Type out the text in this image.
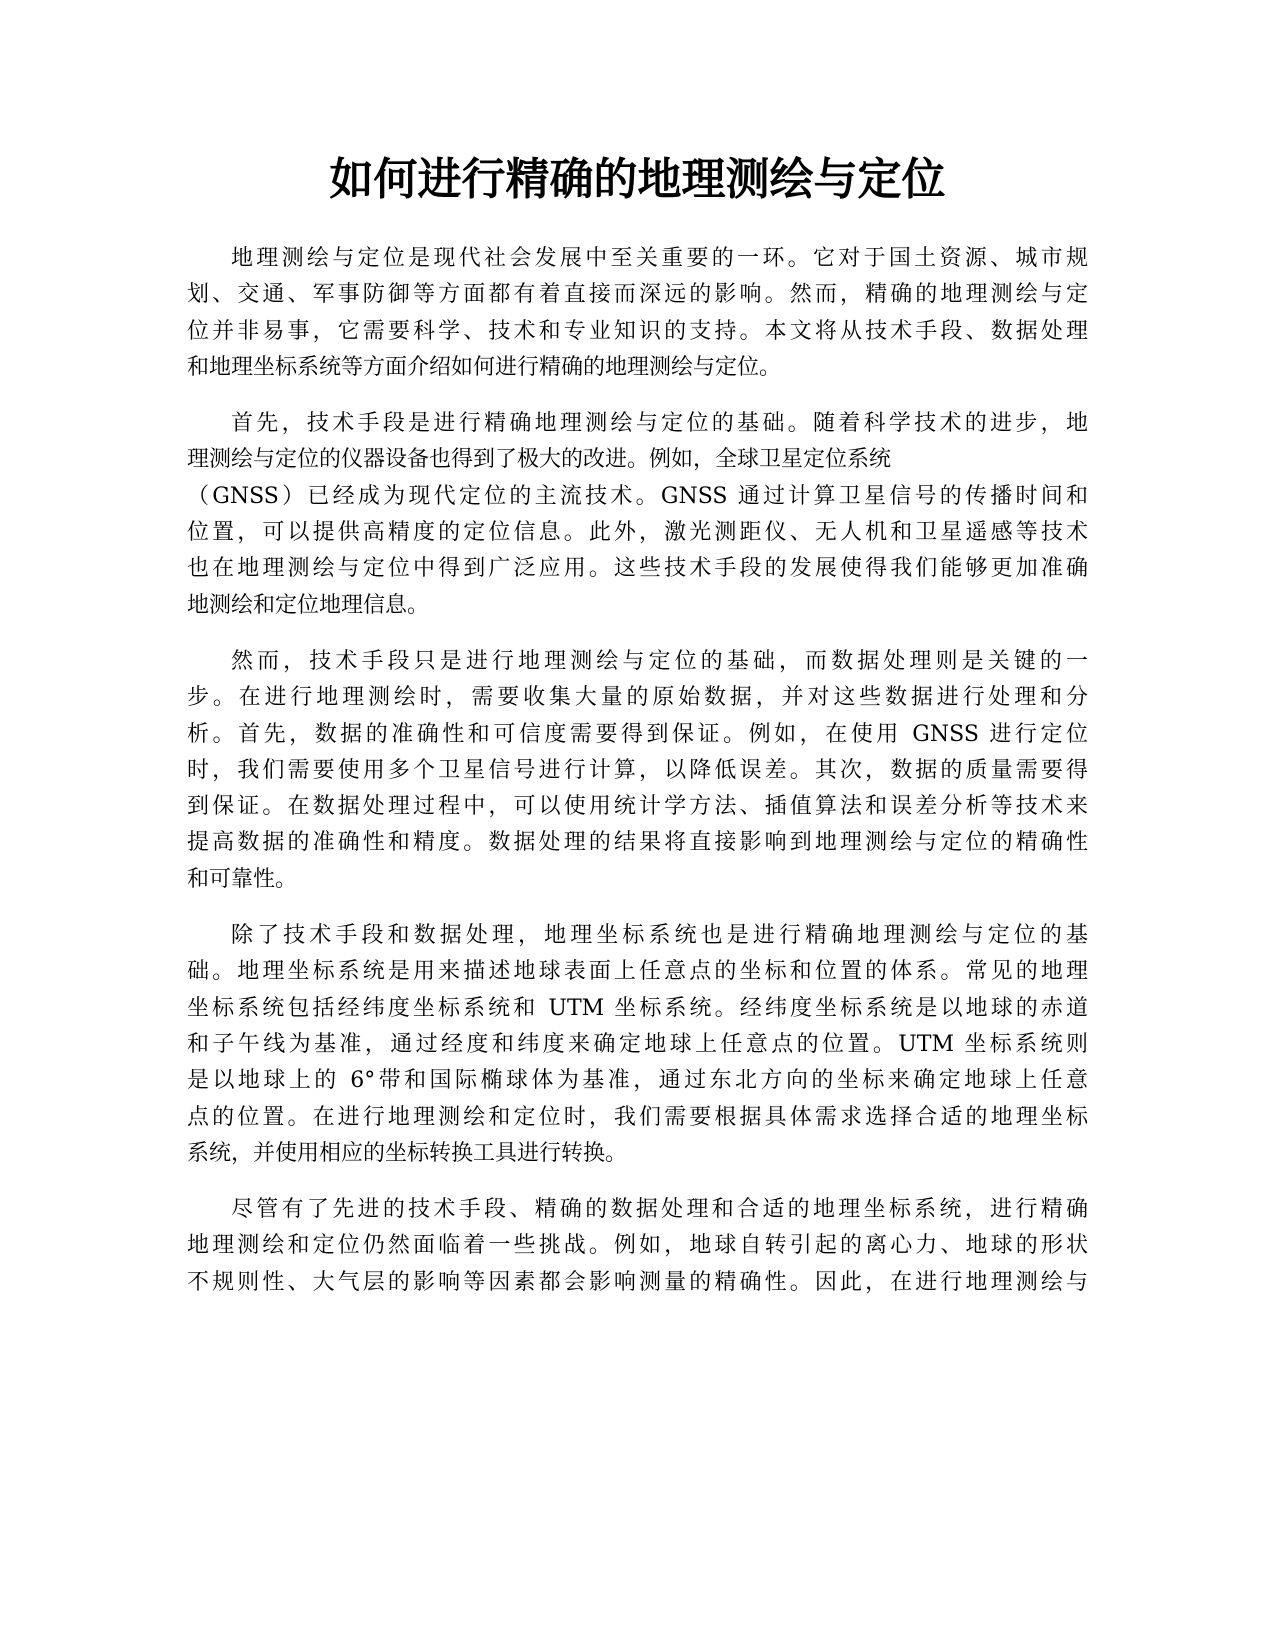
如何进行精确的地理测绘与定位

地理测绘与定位是现代社会发展中至关重要的一环。它对于国土资源、城市规
划、交通、军事防御等方面都有着直接而深远的影响。然而，精确的地理测绘与定
位并非易事，它需要科学、技术和专业知识的支持。本文将从技术手段、数据处理
和地理坐标系统等方面介绍如何进行精确的地理测绘与定位。

首先，技术手段是进行精确地理测绘与定位的基础。随着科学技术的进步，地
理测绘与定位的仪器设备也得到了极大的改进。例如，全球卫星定位系统
（GNSS）已经成为现代定位的主流技术。GNSS 通过计算卫星信号的传播时间和
位置，可以提供高精度的定位信息。此外，激光测距仪、无人机和卫星遥感等技术
也在地理测绘与定位中得到广泛应用。这些技术手段的发展使得我们能够更加准确
地测绘和定位地理信息。

然而，技术手段只是进行地理测绘与定位的基础，而数据处理则是关键的一
步。在进行地理测绘时，需要收集大量的原始数据，并对这些数据进行处理和分
析。首先，数据的准确性和可信度需要得到保证。例如，在使用 GNSS 进行定位
时，我们需要使用多个卫星信号进行计算，以降低误差。其次，数据的质量需要得
到保证。在数据处理过程中，可以使用统计学方法、插值算法和误差分析等技术来
提高数据的准确性和精度。数据处理的结果将直接影响到地理测绘与定位的精确性
和可靠性。

除了技术手段和数据处理，地理坐标系统也是进行精确地理测绘与定位的基
础。地理坐标系统是用来描述地球表面上任意点的坐标和位置的体系。常见的地理
坐标系统包括经纬度坐标系统和 UTM 坐标系统。经纬度坐标系统是以地球的赤道
和子午线为基准，通过经度和纬度来确定地球上任意点的位置。UTM 坐标系统则
是以地球上的 6°带和国际椭球体为基准，通过东北方向的坐标来确定地球上任意
点的位置。在进行地理测绘和定位时，我们需要根据具体需求选择合适的地理坐标
系统，并使用相应的坐标转换工具进行转换。

尽管有了先进的技术手段、精确的数据处理和合适的地理坐标系统，进行精确
地理测绘和定位仍然面临着一些挑战。例如，地球自转引起的离心力、地球的形状
不规则性、大气层的影响等因素都会影响测量的精确性。因此，在进行地理测绘与
